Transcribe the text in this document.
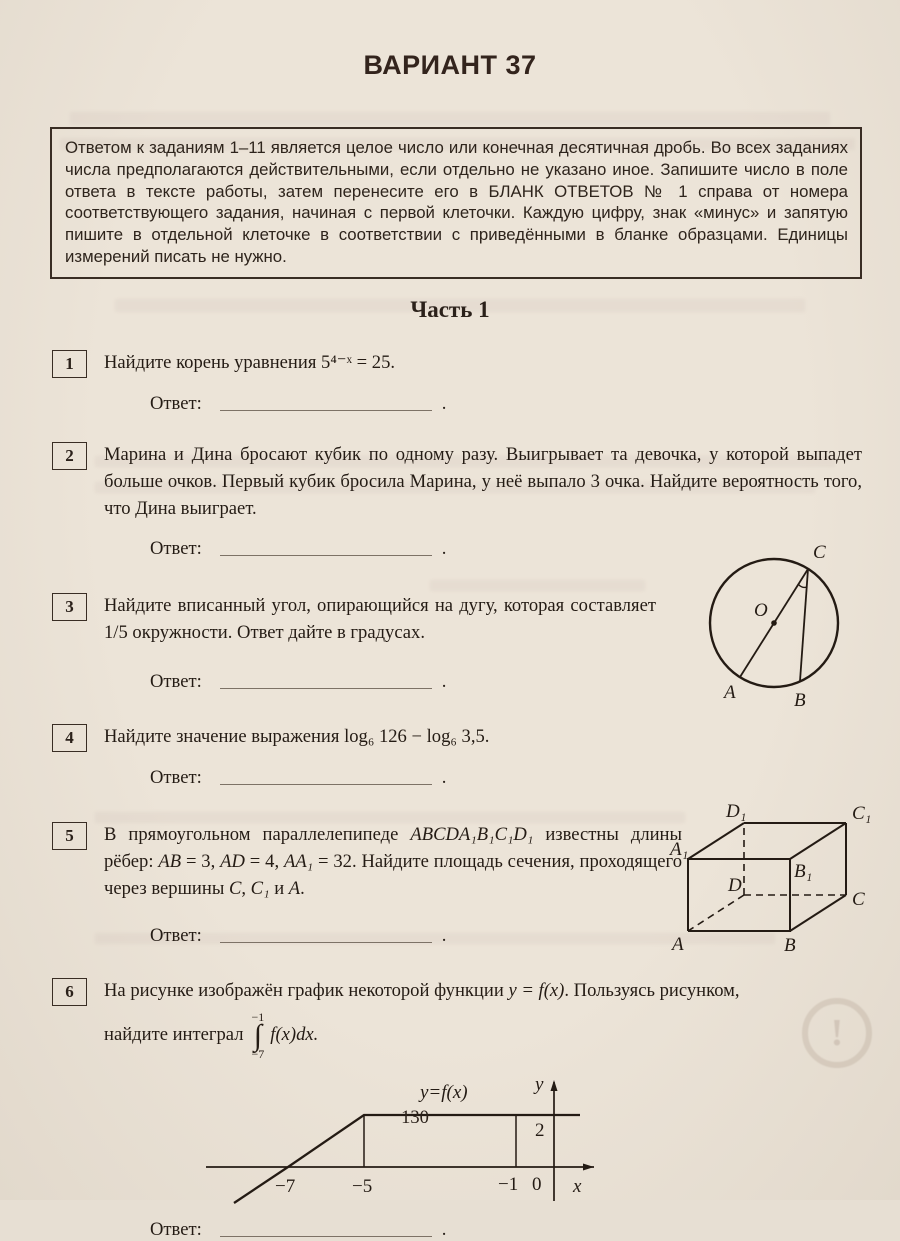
!
ВАРИАНТ 37

Ответом к заданиям 1–11 является целое число или конечная десятичная дробь. Во всех заданиях числа предполагаются действительными, если отдельно не указано иное. Запишите число в поле ответа в тексте работы, затем перенесите его в БЛАНК ОТВЕТОВ № 1 справа от номера соответствующего задания, начиная с первой клеточки. Каждую цифру, знак «минус» и запятую пишите в отдельной клеточке в соответствии с приведёнными в бланке образцами. Единицы измерений писать не нужно.

Часть 1
1	Найдите корень уравнения 5⁴⁻ˣ = 25.

Ответ:	.
2	Марина и Дина бросают кубик по одному разу. Выигрывает та девочка, у которой выпадет больше очков. Первый кубик бросила Марина, у неё выпало 3 очка. Найдите вероятность того, что Дина выиграет.

Ответ:	.
3	Найдите вписанный угол, опирающийся на дугу, которая составляет 1/5 окружности. Ответ дайте в градусах.

O
A	B
C
Ответ:	.
4	Найдите значение выражения log₆ 126 − log₆ 3,5.

Ответ:	.
5	В прямоугольном параллелепипеде ABCDA₁B₁C₁D₁ известны длины рёбер: AB = 3, AD = 4, AA₁ = 32. Найдите площадь сечения, проходящего через вершины C, C₁ и A.

A	B
C
D
A₁
B₁
C₁
D₁
Ответ:	.
6	На рисунке изображён график некоторой функции y = f(x). Пользуясь рисунком,

найдите интеграл
−1
∫
−7
f(x)dx.

y=f(x)	y
x
0
2
−7	−5	−1
Ответ:	.
130
